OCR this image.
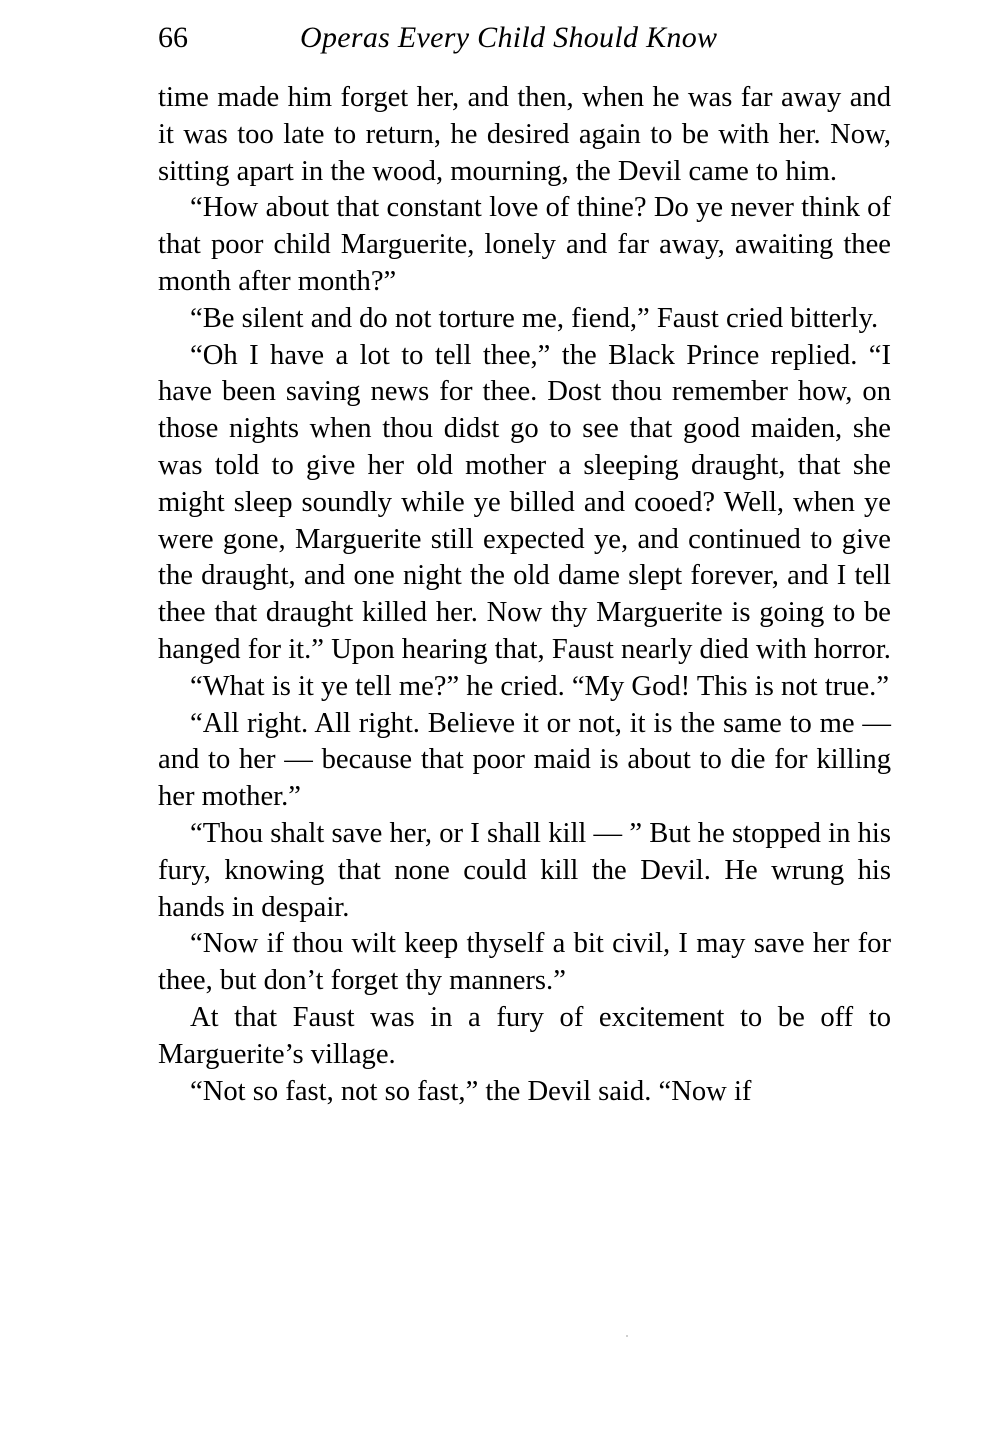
66	Operas Every Child Should Know

time made him forget her, and then, when he was far away and it was too late to return, he desired again to be with her. Now, sitting apart in the wood, mourning, the Devil came to him.

“How about that constant love of thine? Do ye never think of that poor child Marguerite, lonely and far away, awaiting thee month after month?”

“Be silent and do not torture me, fiend,” Faust cried bitterly.

“Oh I have a lot to tell thee,” the Black Prince replied. “I have been saving news for thee. Dost thou remember how, on those nights when thou didst go to see that good maiden, she was told to give her old mother a sleeping draught, that she might sleep soundly while ye billed and cooed? Well, when ye were gone, Marguerite still expected ye, and continued to give the draught, and one night the old dame slept forever, and I tell thee that draught killed her. Now thy Marguerite is going to be hanged for it.” Upon hearing that, Faust nearly died with horror.

“What is it ye tell me?” he cried. “My God! This is not true.”

“All right. All right. Believe it or not, it is the same to me — and to her — because that poor maid is about to die for killing her mother.”

“Thou shalt save her, or I shall kill — ” But he stopped in his fury, knowing that none could kill the Devil. He wrung his hands in despair.

“Now if thou wilt keep thyself a bit civil, I may save her for thee, but don’t forget thy manners.”

At that Faust was in a fury of excitement to be off to Marguerite’s village.

“Not so fast, not so fast,” the Devil said. “Now if
